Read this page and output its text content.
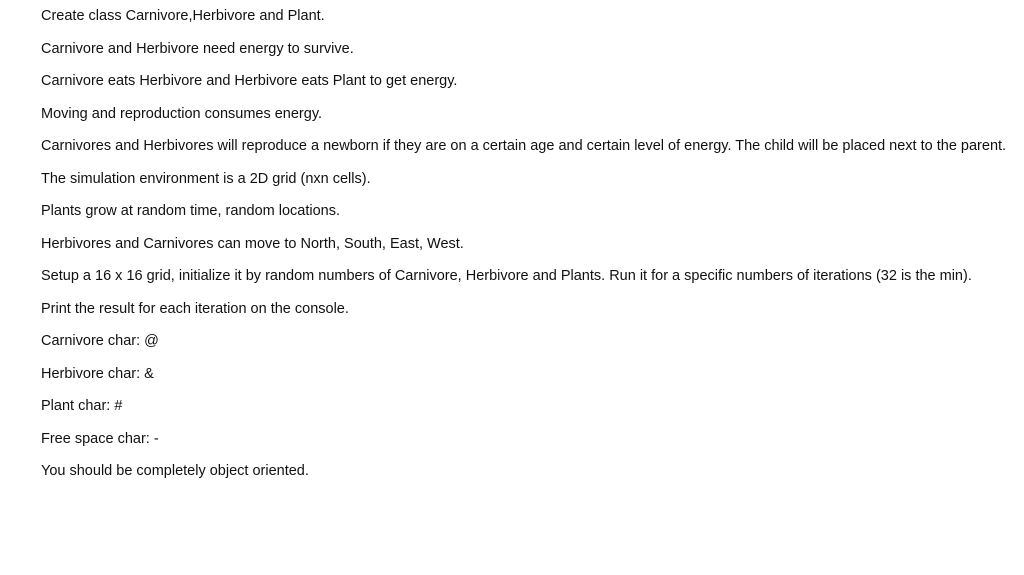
Create class Carnivore,Herbivore and Plant.

Carnivore and Herbivore need energy to survive.

Carnivore eats Herbivore and Herbivore eats Plant to get energy.

Moving and reproduction consumes energy.

Carnivores and Herbivores will reproduce a newborn if they are on a certain age and certain level of energy. The child will be placed next to the parent.

The simulation environment is a 2D grid (nxn cells).

Plants grow at random time, random locations.

Herbivores and Carnivores can move to North, South, East, West.

Setup a 16 x 16 grid, initialize it by random numbers of Carnivore, Herbivore and Plants. Run it for a specific numbers of iterations (32 is the min).

Print the result for each iteration on the console.

Carnivore char: @

Herbivore char: &

Plant char: #

Free space char: -

You should be completely object oriented.
